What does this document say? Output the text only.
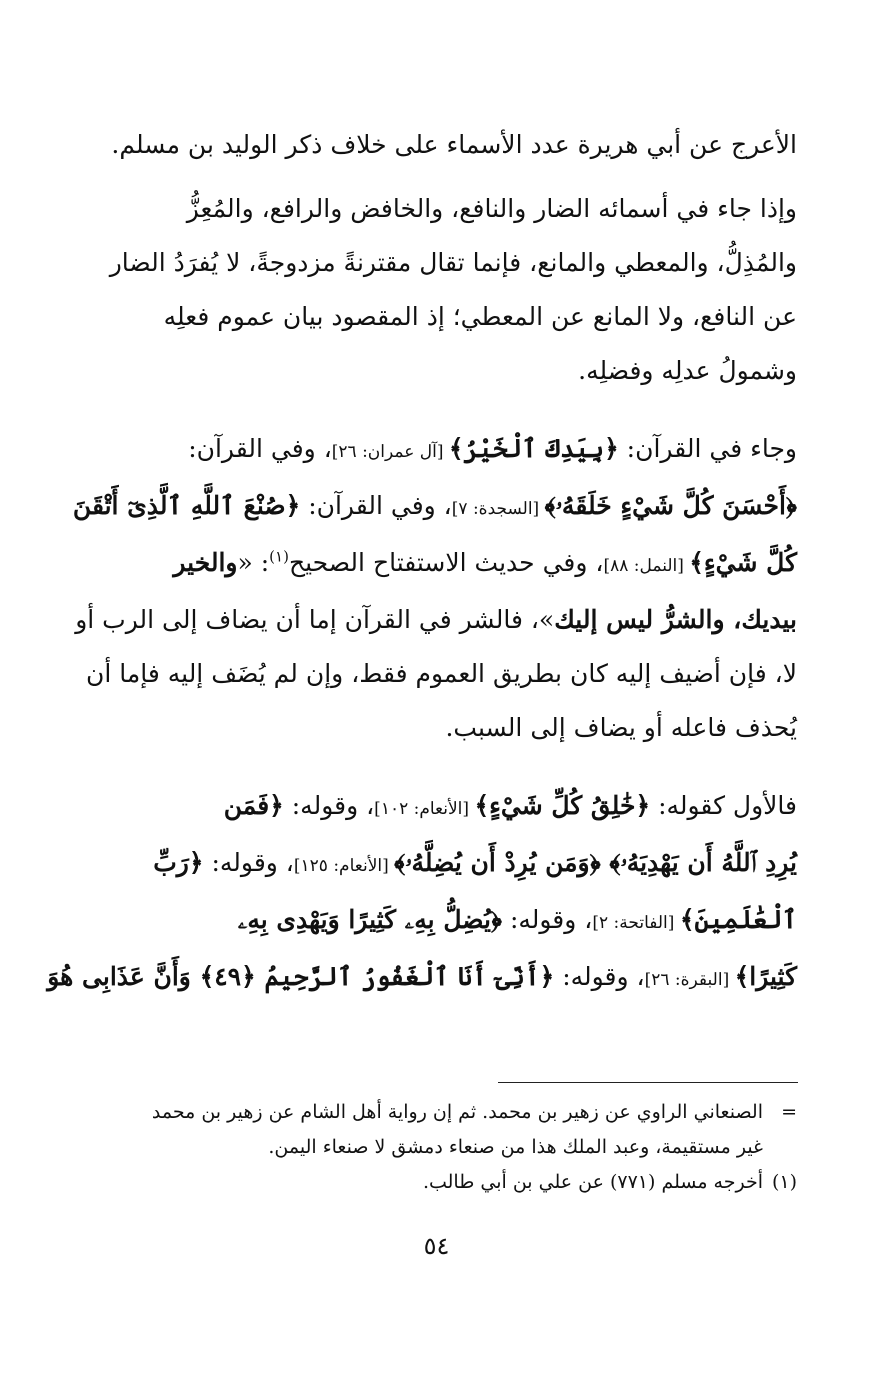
الأعرج عن أبي هريرة عدد الأسماء على خلاف ذكر الوليد بن مسلم.

وإذا جاء في أسمائه الضار والنافع، والخافض والرافع، والمُعِزُّ
والمُذِلُّ، والمعطي والمانع، فإنما تقال مقترنةً مزدوجةً، لا يُفرَدُ الضار
عن النافع، ولا المانع عن المعطي؛ إذ المقصود بيان عموم فعلِه
وشمولُ عدلِه وفضلِه.

وجاء في القرآن: ﴿بِيَدِكَ ٱلْخَيْرُ﴾ [آل عمران: ٢٦]، وفي القرآن:
﴿أَحْسَنَ كُلَّ شَيْءٍ خَلَقَهُۥ﴾ [السجدة: ٧]، وفي القرآن: ﴿صُنْعَ ٱللَّهِ ٱلَّذِىٓ أَتْقَنَ
كُلَّ شَيْءٍ﴾ [النمل: ٨٨]، وفي حديث الاستفتاح الصحيح$^{(١)}$: «والخير
بيديك، والشرُّ ليس إليك»، فالشر في القرآن إما أن يضاف إلى الرب أو
لا، فإن أضيف إليه كان بطريق العموم فقط، وإن لم يُضَف إليه فإما أن
يُحذف فاعله أو يضاف إلى السبب.

فالأول كقوله: ﴿خَٰلِقُ كُلِّ شَيْءٍ﴾ [الأنعام: ١٠٢]، وقوله: ﴿فَمَن
يُرِدِ ٱللَّهُ أَن يَهْدِيَهُۥ﴾ ﴿وَمَن يُرِدْ أَن يُضِلَّهُۥ﴾ [الأنعام: ١٢٥]، وقوله: ﴿رَبِّ
ٱلْعَٰلَمِينَ﴾ [الفاتحة: ٢]، وقوله: ﴿يُضِلُّ بِهِۦ كَثِيرًا وَيَهْدِى بِهِۦ
كَثِيرًا﴾ [البقرة: ٢٦]، وقوله: ﴿أَنِّىٓ أَنَا ٱلْغَفُورُ ٱلرَّحِيمُ ﴿٤٩﴾ وَأَنَّ عَذَابِى هُوَ

=الصنعاني الراوي عن زهير بن محمد. ثم إن رواية أهل الشام عن زهير بن محمد
غير مستقيمة، وعبد الملك هذا من صنعاء دمشق لا صنعاء اليمن.
(١)أخرجه مسلم (٧٧١) عن علي بن أبي طالب.
٥٤
